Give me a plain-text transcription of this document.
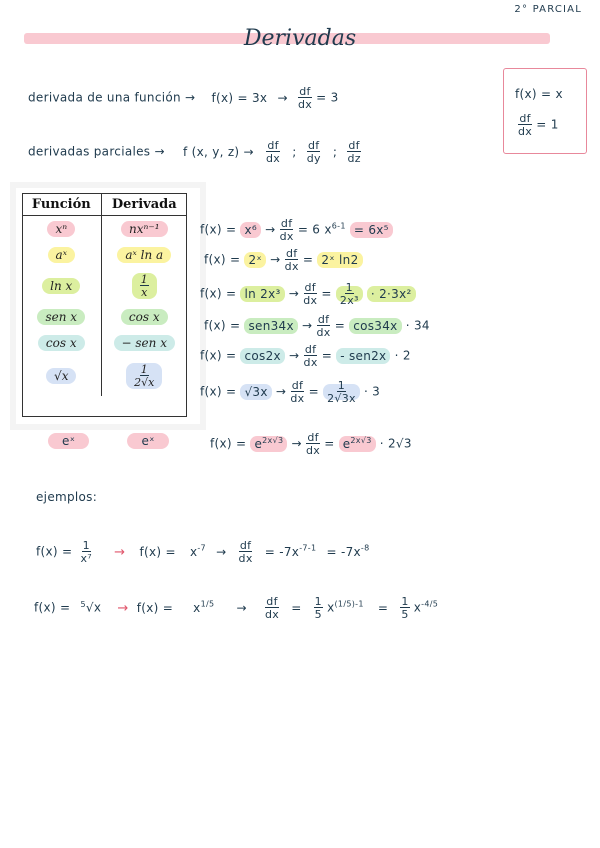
2° PARCIAL
Derivadas
derivada de una función → $f(x) = 3x \to \frac{df}{dx} = 3$	f(x) = x
$\frac{df}{dx} = 1$
derivadas parciales → f (x, y, $z) \to \frac{df}{dx}$ ; $\frac{df}{dy}$ ; $\frac{df}{dz}$
Función	Derivada
xⁿ	nxⁿ⁻¹
aˣ	aˣ ln a
ln x	$\frac{1}{x}$

sen x	cos x
cos x	− sen x
√x	$\frac{1}{2√x}$
eˣ	eˣ
$f(x) = x^6 \to \frac{df}{dx} = 6$ $x^{6-1} = 6x^5$
f(x) = 2ˣ → $\frac{df}{dx}$ = 2ˣ ln2
$f(x) = \ln 2x^3 \to \frac{df}{dx} = \frac{1}{\text{2x³}} \cdot 2\cdot 3x^2$
$f(x) = sen34x \to \frac{df}{dx} = \cos 34x \cdot 34$
$f(x) = \cos 2x \to \frac{df}{dx}$ = - sen2x · 2
$f(x) = √3x \to \frac{df}{dx} = \frac{1}{2√3x} \cdot 3$
$f(x) = e^{2x√3} \to \frac{df}{dx} = e^{2x√3} \cdot 2√3$
ejemplos:
$f(x) = \frac{1}{\text{x⁷}} \to f(x) = x^{-7} \to \frac{df}{dx} = -7x^{-7-1} = -7x^{-8}$
$f(x) = ^5√x \to f(x) = x^{1/5} \to \frac{df}{dx} = \frac{1}{5} x^{(1/5)-1} = \frac{1}{5} x^{-4/5}$
